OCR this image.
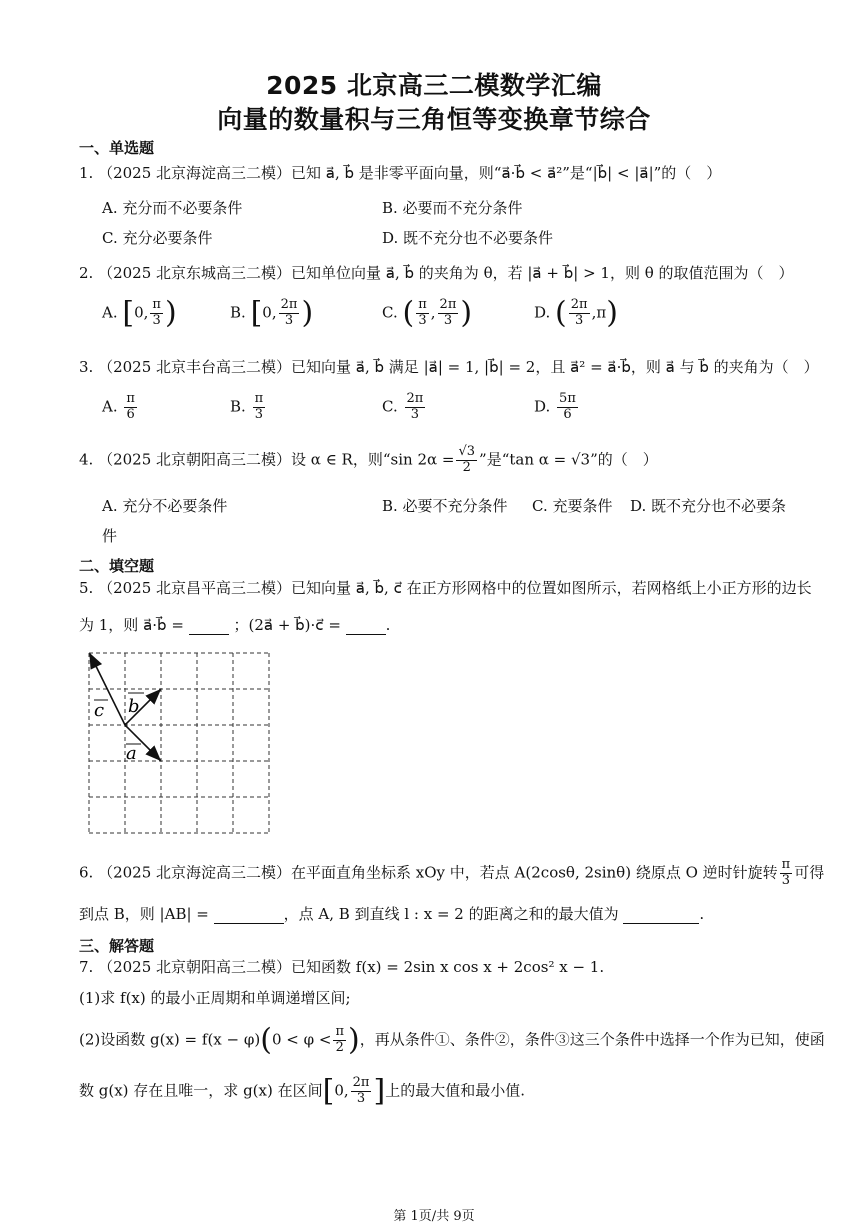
2025 北京高三二模数学汇编
向量的数量积与三角恒等变换章节综合
一、单选题
1. （2025 北京海淀高三二模）已知 a⃗, b⃗ 是非零平面向量，则“a⃗·b⃗ < a⃗²”是“|b⃗| < |a⃗|”的（　）
A. 充分而不必要条件	B. 必要而不充分条件
C. 充分必要条件	D. 既不充分也不必要条件
2. （2025 北京东城高三二模）已知单位向量 a⃗, b⃗ 的夹角为 θ，若 |a⃗ + b⃗| > 1，则 θ 的取值范围为（　）
A. [0, $\frac{\pi}{3}$ )	B. [0, $\frac{2\pi}{3}$ )	C. ( $\frac{\pi}{3}$ , $\frac{2\pi}{3}$ )	D. ( $\frac{2\pi}{3} ,\pi$)
3. （2025 北京丰台高三二模）已知向量 a⃗, b⃗ 满足 |a⃗| = 1, |b⃗| = 2，且 a⃗² = a⃗·b⃗，则 a⃗ 与 b⃗ 的夹角为（　）
A. $\frac{\pi}{6}$	B. $\frac{\pi}{3}$	C. $\frac{2\pi}{3}$	D. $\frac{5\pi}{6}$
4. （2025 北京朝阳高三二模）设 α ∈ R，则“sin $2\alpha = \frac{√3}{2}$ ”是“tan α = √3”的（　）
A. 充分不必要条件	B. 必要不充分条件 C. 充要条件 D. 既不充分也不必要条
件
二、填空题
5. （2025 北京昌平高三二模）已知向量 a⃗, b⃗, c⃗ 在正方形网格中的位置如图所示，若网格纸上小正方形的边长
为 1，则 a⃗·b⃗ =	；(2a⃗ + b⃗)·c⃗ =	.
c b
a
6. （2025 北京海淀高三二模）在平面直角坐标系 xOy 中，若点 A(2cosθ, 2sinθ) 绕原点 O 逆时针旋转 $\frac{\pi}{3}$ 可得
到点 B，则 |AB| =	，点 A, B 到直线 l : x = 2 的距离之和的最大值为	.
三、解答题
7. （2025 北京朝阳高三二模）已知函数 f(x) = 2sin x cos x + 2cos² x − 1.
(1)求 f(x) 的最小正周期和单调递增区间;
(2)设函数 $g(x) = f(x - \varphi)(0 < \varphi < \frac{\pi}{2}$ )，再从条件①、条件②，条件③这三个条件中选择一个作为已知，使函
数 g(x) 存在且唯一，求 g(x) 在区间[0, $\frac{2\pi}{3}$ ]上的最大值和最小值.
第 1页/共 9页
